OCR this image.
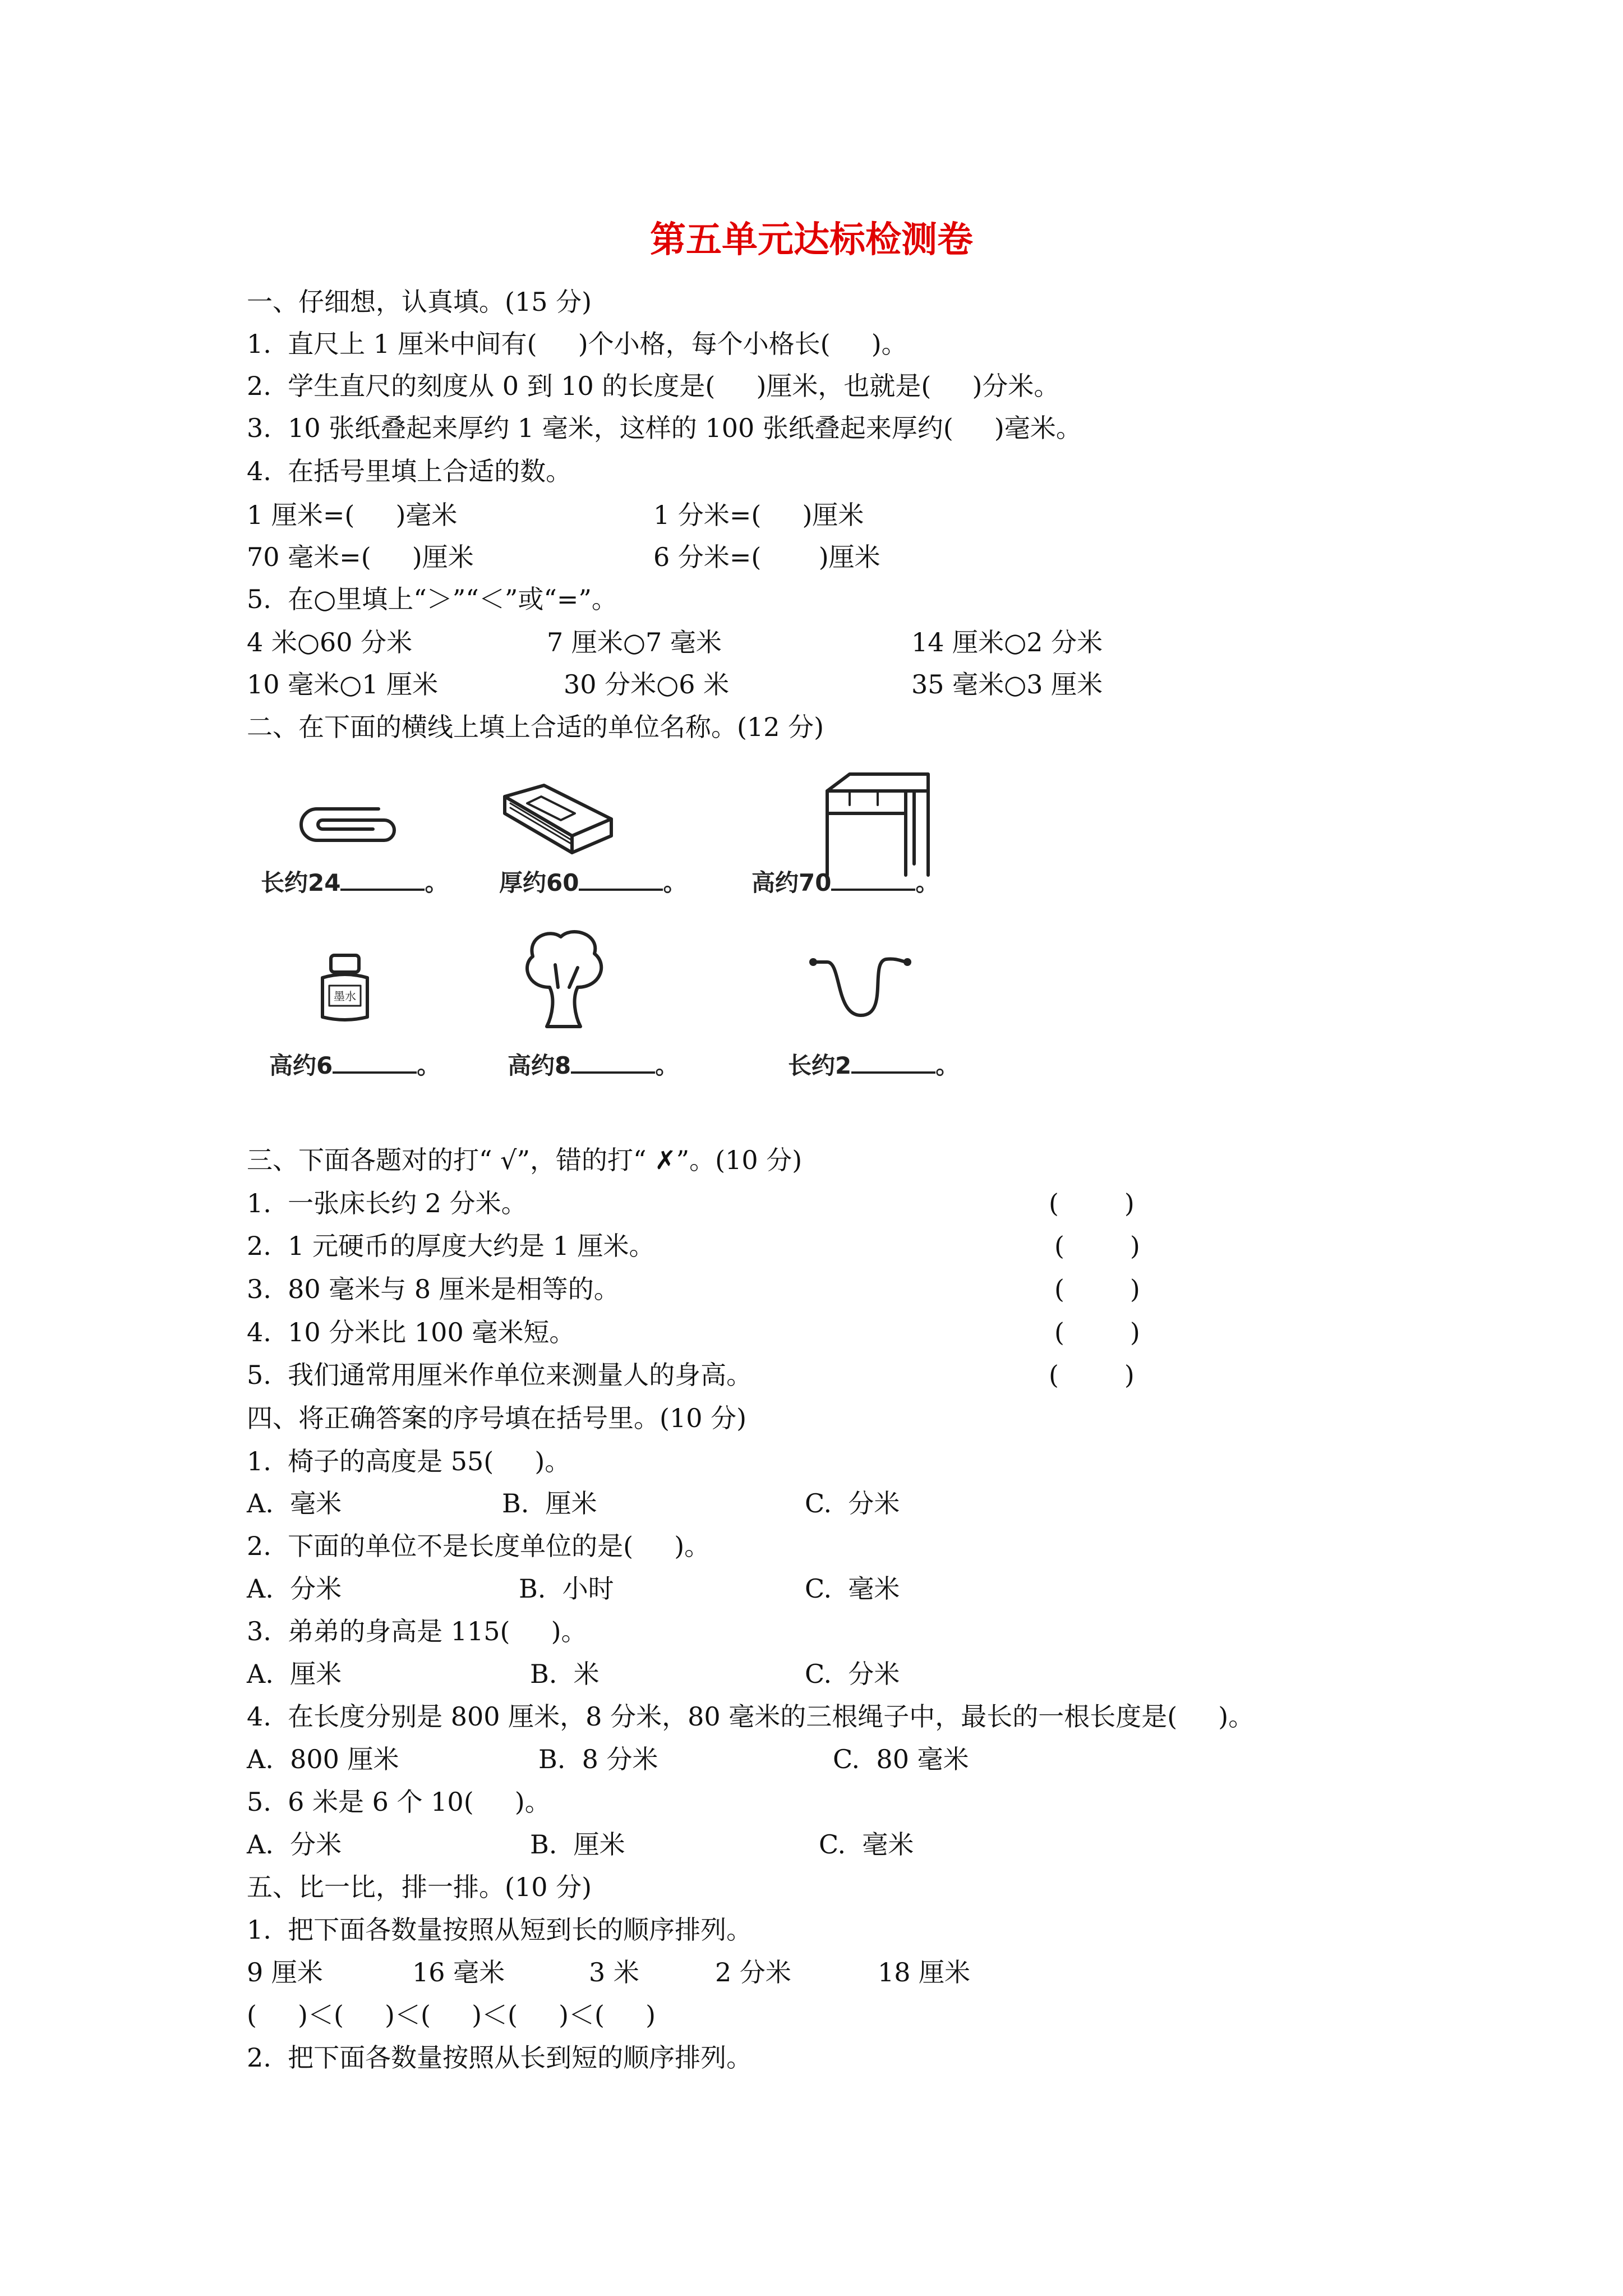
第五单元达标检测卷
一、仔细想，认真填。(15 分)
1.  直尺上 1 厘米中间有(     )个小格，每个小格长(     )。
2.  学生直尺的刻度从 0 到 10 的长度是(     )厘米，也就是(     )分米。
3.  10 张纸叠起来厚约 1 毫米，这样的 100 张纸叠起来厚约(     )毫米。
4.  在括号里填上合适的数。
1 厘米=(     )毫米	1 分米=(     )厘米
70 毫米=(     )厘米	6 分米=(       )厘米
5.  在○里填上“＞”“＜”或“=”。
4 米○60 分米	7 厘米○7 毫米	14 厘米○2 分米
10 毫米○1 厘米	30 分米○6 米	35 毫米○3 厘米
二、在下面的横线上填上合适的单位名称。(12 分)
长约24	。 厚约60	。	高约70	。
墨水
高约6	。	高约8	。	长约2	。
三、下面各题对的打“ √”，错的打“ ✗”。(10 分)
1.  一张床长约 2 分米。	(        )
2.  1 元硬币的厚度大约是 1 厘米。	(        )
3.  80 毫米与 8 厘米是相等的。	(        )
4.  10 分米比 100 毫米短。	(        )
5.  我们通常用厘米作单位来测量人的身高。	(        )
四、将正确答案的序号填在括号里。(10 分)
1.  椅子的高度是 55(     )。
A.  毫米	B.  厘米	C.  分米
2.  下面的单位不是长度单位的是(     )。
A.  分米	B.  小时	C.  毫米
3.  弟弟的身高是 115(     )。
A.  厘米	B.  米	C.  分米
4.  在长度分别是 800 厘米，8 分米，80 毫米的三根绳子中，最长的一根长度是(     )。
A.  800 厘米	B.  8 分米	C.  80 毫米
5.  6 米是 6 个 10(     )。
A.  分米	B.  厘米	C.  毫米
五、比一比，排一排。(10 分)
1.  把下面各数量按照从短到长的顺序排列。
9 厘米	16 毫米	3 米	2 分米	18 厘米
(     )＜(     )＜(     )＜(     )＜(     )
2.  把下面各数量按照从长到短的顺序排列。
